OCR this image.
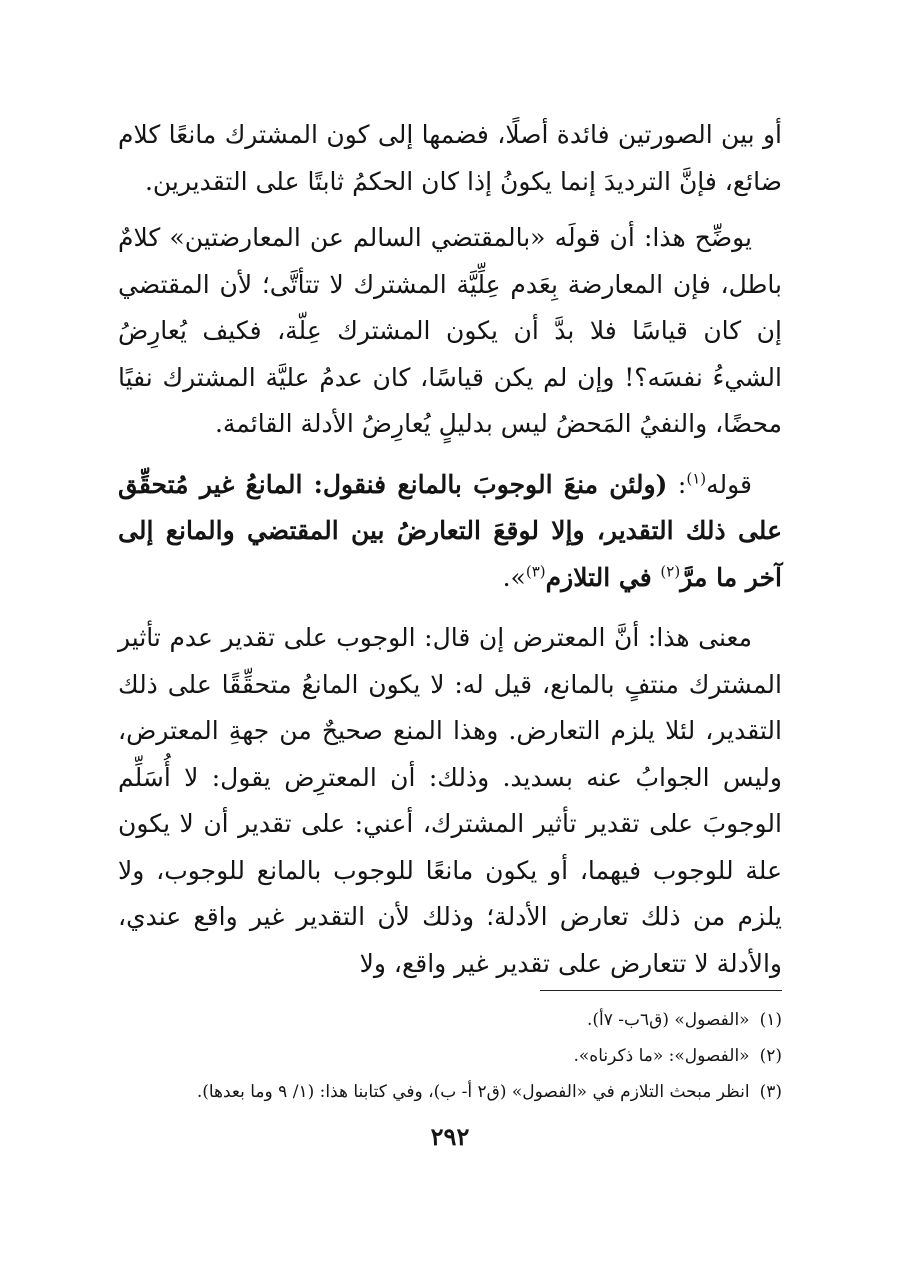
أو بين الصورتين فائدة أصلًا، فضمها إلى كون المشترك مانعًا كلام ضائع، فإنَّ الترديدَ إنما يكونُ إذا كان الحكمُ ثابتًا على التقديرين.

يوضِّح هذا: أن قولَه «بالمقتضي السالم عن المعارضتين» كلامٌ باطل، فإن المعارضة بِعَدم عِلِّيَّة المشترك لا تتأتَّى؛ لأن المقتضي إن كان قياسًا فلا بدَّ أن يكون المشترك عِلّة، فكيف يُعارِضُ الشيءُ نفسَه؟! وإن لم يكن قياسًا، كان عدمُ عليَّة المشترك نفيًا محضًا، والنفيُ المَحضُ ليس بدليلٍ يُعارِضُ الأدلة القائمة.

قوله$^{(١)}$: (ولئن منعَ الوجوبَ بالمانع فنقول: المانعُ غير مُتحقِّق على ذلك التقدير، وإلا لوقعَ التعارضُ بين المقتضي والمانع إلى آخر ما مرَّ$^{(٢)}$ في التلازم$^{(٣)}$».

معنى هذا: أنَّ المعترض إن قال: الوجوب على تقدير عدم تأثير المشترك منتفٍ بالمانع، قيل له: لا يكون المانعُ متحقِّقًا على ذلك التقدير، لئلا يلزم التعارض. وهذا المنع صحيحٌ من جهةِ المعترض، وليس الجوابُ عنه بسديد. وذلك: أن المعترِض يقول: لا أُسَلِّم الوجوبَ على تقدير تأثير المشترك، أعني: على تقدير أن لا يكون علة للوجوب فيهما، أو يكون مانعًا للوجوب بالمانع للوجوب، ولا يلزم من ذلك تعارض الأدلة؛ وذلك لأن التقدير غير واقع عندي، والأدلة لا تتعارض على تقدير غير واقع، ولا

(١)«الفصول» (ق٦ب- ٧أ).

(٢)«الفصول»: «ما ذكرناه».

(٣)انظر مبحث التلازم في «الفصول» (ق٢ أ- ب)، وفي كتابنا هذا: (١/ ٩ وما بعدها).

٢٩٢
